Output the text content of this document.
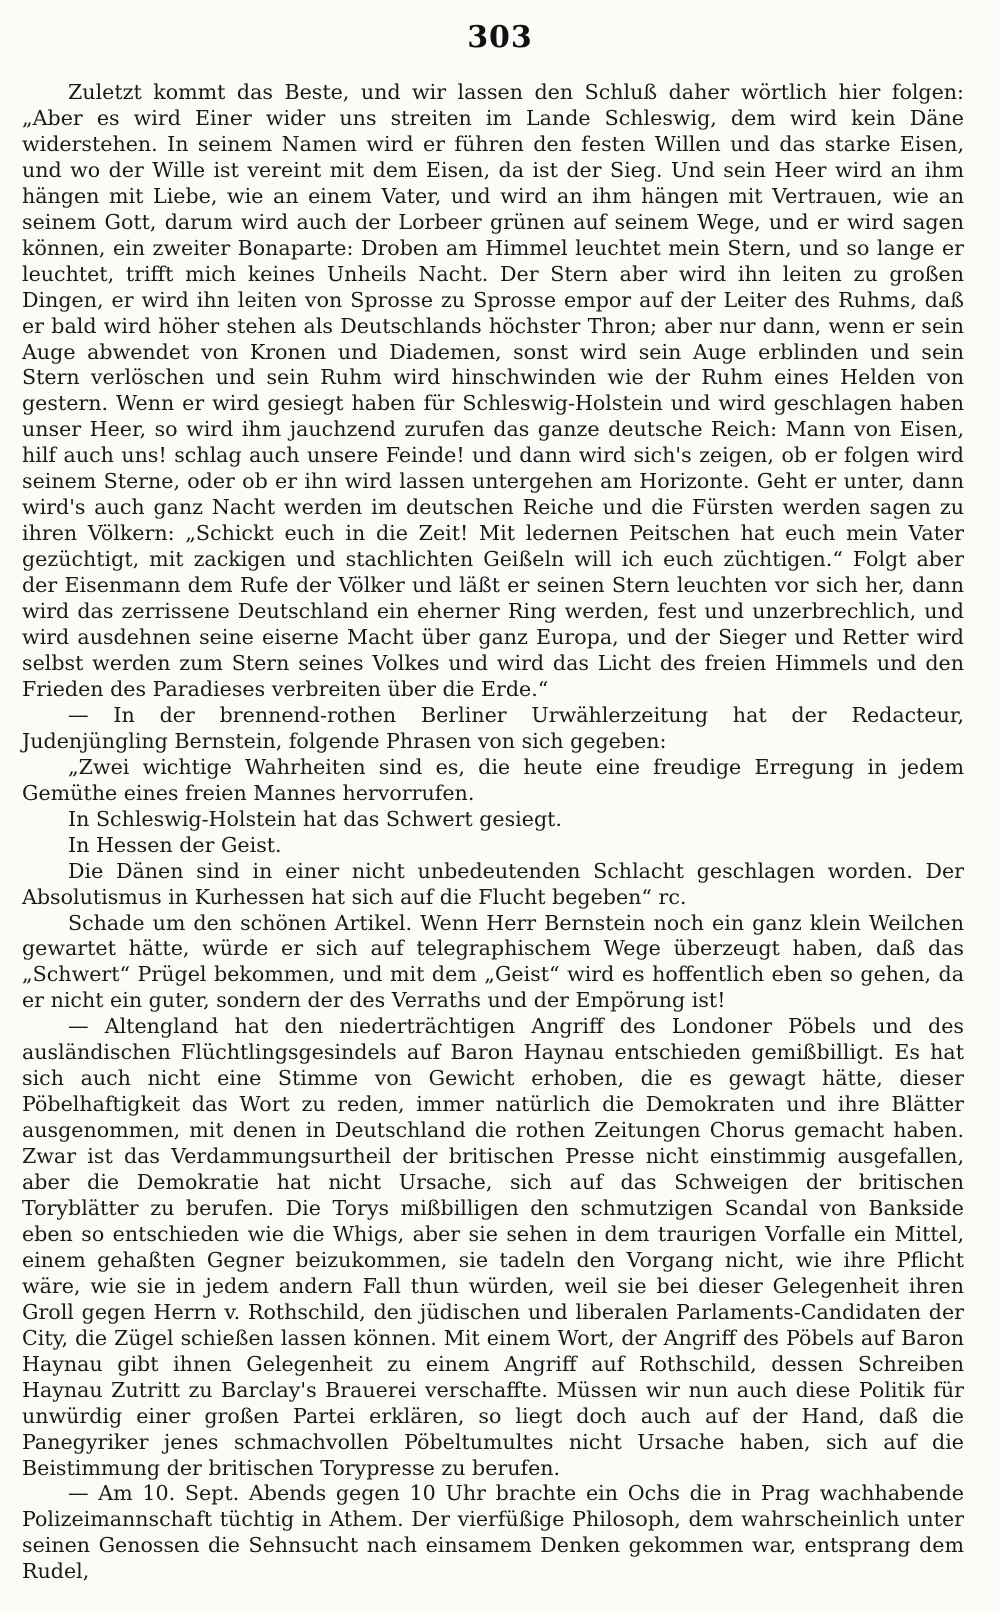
303

Zuletzt kommt das Beste, und wir lassen den Schluß daher wörtlich hier folgen: „Aber es wird Einer wider uns streiten im Lande Schleswig, dem wird kein Däne widerstehen. In seinem Namen wird er führen den festen Willen und das starke Eisen, und wo der Wille ist vereint mit dem Eisen, da ist der Sieg. Und sein Heer wird an ihm hängen mit Liebe, wie an einem Vater, und wird an ihm hängen mit Vertrauen, wie an seinem Gott, darum wird auch der Lorbeer grünen auf seinem Wege, und er wird sagen können, ein zweiter Bonaparte: Droben am Himmel leuchtet mein Stern, und so lange er leuchtet, trifft mich keines Unheils Nacht. Der Stern aber wird ihn leiten zu großen Dingen, er wird ihn leiten von Sprosse zu Sprosse empor auf der Leiter des Ruhms, daß er bald wird höher stehen als Deutschlands höchster Thron; aber nur dann, wenn er sein Auge abwendet von Kronen und Diademen, sonst wird sein Auge erblinden und sein Stern verlöschen und sein Ruhm wird hinschwinden wie der Ruhm eines Helden von gestern. Wenn er wird gesiegt haben für Schleswig-Holstein und wird geschlagen haben unser Heer, so wird ihm jauchzend zurufen das ganze deutsche Reich: Mann von Eisen, hilf auch uns! schlag auch unsere Feinde! und dann wird sich's zeigen, ob er folgen wird seinem Sterne, oder ob er ihn wird lassen untergehen am Horizonte. Geht er unter, dann wird's auch ganz Nacht werden im deutschen Reiche und die Fürsten werden sagen zu ihren Völkern: „Schickt euch in die Zeit! Mit ledernen Peitschen hat euch mein Vater gezüchtigt, mit zackigen und stachlichten Geißeln will ich euch züchtigen.“ Folgt aber der Eisenmann dem Rufe der Völker und läßt er seinen Stern leuchten vor sich her, dann wird das zerrissene Deutschland ein eherner Ring werden, fest und unzerbrechlich, und wird ausdehnen seine eiserne Macht über ganz Europa, und der Sieger und Retter wird selbst werden zum Stern seines Volkes und wird das Licht des freien Himmels und den Frieden des Paradieses verbreiten über die Erde.“

— In der brennend-rothen Berliner Urwählerzeitung hat der Redacteur, Judenjüngling Bernstein, folgende Phrasen von sich gegeben:

„Zwei wichtige Wahrheiten sind es, die heute eine freudige Erregung in jedem Gemüthe eines freien Mannes hervorrufen.

In Schleswig-Holstein hat das Schwert gesiegt.

In Hessen der Geist.

Die Dänen sind in einer nicht unbedeutenden Schlacht geschlagen worden. Der Absolutismus in Kurhessen hat sich auf die Flucht begeben“ rc.

Schade um den schönen Artikel. Wenn Herr Bernstein noch ein ganz klein Weilchen gewartet hätte, würde er sich auf telegraphischem Wege überzeugt haben, daß das „Schwert“ Prügel bekommen, und mit dem „Geist“ wird es hoffentlich eben so gehen, da er nicht ein guter, sondern der des Verraths und der Empörung ist!

— Altengland hat den niederträchtigen Angriff des Londoner Pöbels und des ausländischen Flüchtlingsgesindels auf Baron Haynau entschieden gemißbilligt. Es hat sich auch nicht eine Stimme von Gewicht erhoben, die es gewagt hätte, dieser Pöbelhaftigkeit das Wort zu reden, immer natürlich die Demokraten und ihre Blätter ausgenommen, mit denen in Deutschland die rothen Zeitungen Chorus gemacht haben. Zwar ist das Verdammungsurtheil der britischen Presse nicht einstimmig ausgefallen, aber die Demokratie hat nicht Ursache, sich auf das Schweigen der britischen Toryblätter zu berufen. Die Torys mißbilligen den schmutzigen Scandal von Bankside eben so entschieden wie die Whigs, aber sie sehen in dem traurigen Vorfalle ein Mittel, einem gehaßten Gegner beizukommen, sie tadeln den Vorgang nicht, wie ihre Pflicht wäre, wie sie in jedem andern Fall thun würden, weil sie bei dieser Gelegenheit ihren Groll gegen Herrn v. Rothschild, den jüdischen und liberalen Parlaments-Candidaten der City, die Zügel schießen lassen können. Mit einem Wort, der Angriff des Pöbels auf Baron Haynau gibt ihnen Gelegenheit zu einem Angriff auf Rothschild, dessen Schreiben Haynau Zutritt zu Barclay's Brauerei verschaffte. Müssen wir nun auch diese Politik für unwürdig einer großen Partei erklären, so liegt doch auch auf der Hand, daß die Panegyriker jenes schmachvollen Pöbeltumultes nicht Ursache haben, sich auf die Beistimmung der britischen Torypresse zu berufen.

— Am 10. Sept. Abends gegen 10 Uhr brachte ein Ochs die in Prag wachhabende Polizeimannschaft tüchtig in Athem. Der vierfüßige Philosoph, dem wahrscheinlich unter seinen Genossen die Sehnsucht nach einsamem Denken gekommen war, entsprang dem Rudel,
